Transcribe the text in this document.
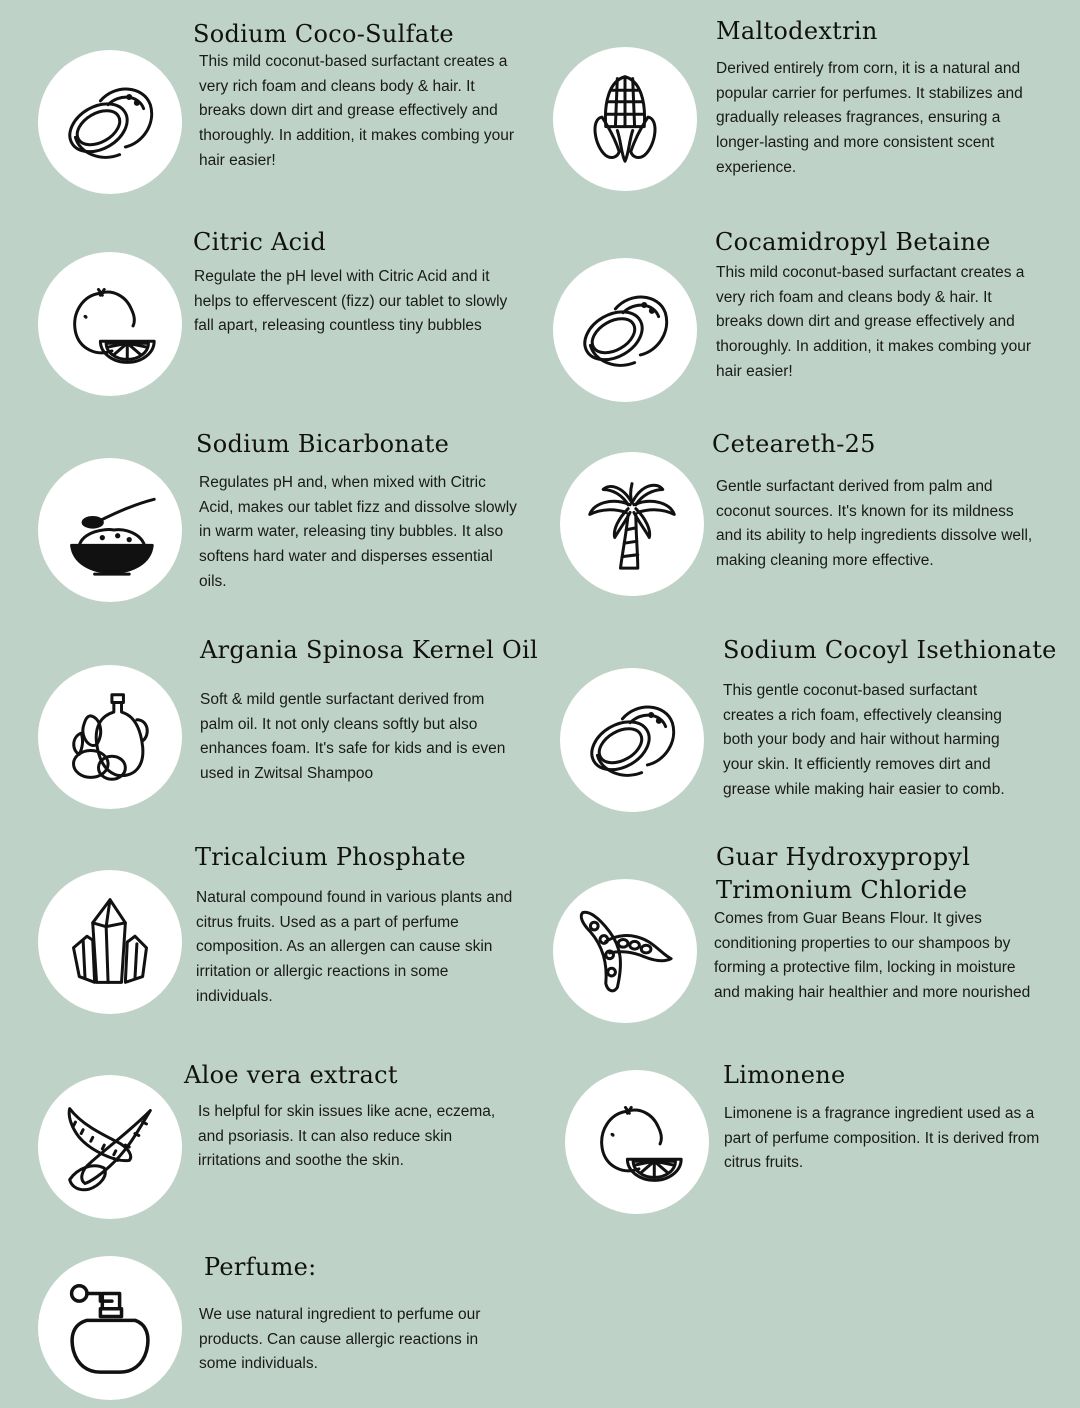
Sodium Coco-Sulfate

This mild coconut-based surfactant creates a very rich foam and cleans body & hair. It breaks down dirt and grease effectively and thoroughly. In addition, it makes combing your hair easier!

Maltodextrin

Derived entirely from corn, it is a natural and popular carrier for perfumes. It stabilizes and gradually releases fragrances, ensuring a longer-lasting and more consistent scent experience.

Citric Acid

Regulate the pH level with Citric Acid and it helps to effervescent (fizz) our tablet to slowly fall apart, releasing countless tiny bubbles

Cocamidropyl Betaine

This mild coconut-based surfactant creates a very rich foam and cleans body & hair. It breaks down dirt and grease effectively and thoroughly. In addition, it makes combing your hair easier!

Sodium Bicarbonate

Regulates pH and, when mixed with Citric Acid, makes our tablet fizz and dissolve slowly in warm water, releasing tiny bubbles. It also softens hard water and disperses essential oils.

Ceteareth-25

Gentle surfactant derived from palm and coconut sources. It's known for its mildness and its ability to help ingredients dissolve well, making cleaning more effective.

Argania Spinosa Kernel Oil

Soft & mild gentle surfactant derived from palm oil. It not only cleans softly but also enhances foam. It's safe for kids and is even used in Zwitsal Shampoo

Sodium Cocoyl Isethionate

This gentle coconut-based surfactant creates a rich foam, effectively cleansing both your body and hair without harming your skin. It efficiently removes dirt and grease while making hair easier to comb.

Tricalcium Phosphate

Natural compound found in various plants and citrus fruits. Used as a part of perfume composition. As an allergen can cause skin irritation or allergic reactions in some individuals.

Guar Hydroxypropyl Trimonium Chloride

Comes from Guar Beans Flour. It gives conditioning properties to our shampoos by forming a protective film, locking in moisture and making hair healthier and more nourished

Aloe vera extract

Is helpful for skin issues like acne, eczema, and psoriasis. It can also reduce skin irritations and soothe the skin.

Limonene

Limonene is a fragrance ingredient used as a part of perfume composition. It is derived from citrus fruits.

Perfume:

We use natural ingredient to perfume our products. Can cause allergic reactions in some individuals.
